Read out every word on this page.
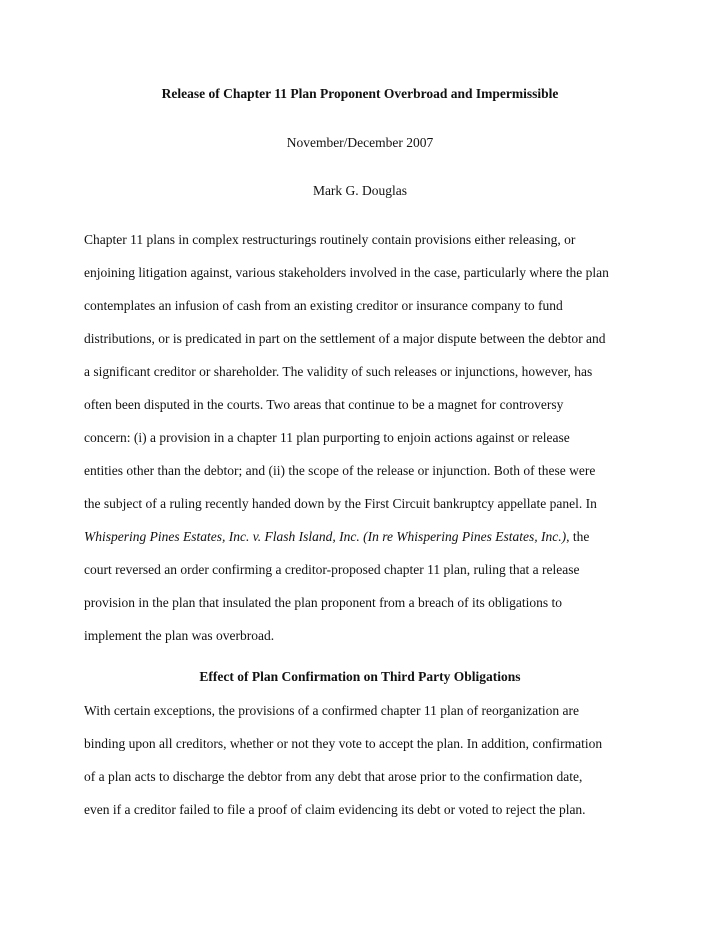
Release of Chapter 11 Plan Proponent Overbroad and Impermissible
November/December 2007
Mark G. Douglas
Chapter 11 plans in complex restructurings routinely contain provisions either releasing, or
enjoining litigation against, various stakeholders involved in the case, particularly where the plan
contemplates an infusion of cash from an existing creditor or insurance company to fund
distributions, or is predicated in part on the settlement of a major dispute between the debtor and
a significant creditor or shareholder. The validity of such releases or injunctions, however, has
often been disputed in the courts. Two areas that continue to be a magnet for controversy
concern: (i) a provision in a chapter 11 plan purporting to enjoin actions against or release
entities other than the debtor; and (ii) the scope of the release or injunction. Both of these were
the subject of a ruling recently handed down by the First Circuit bankruptcy appellate panel. In
Whispering Pines Estates, Inc. v. Flash Island, Inc. (In re Whispering Pines Estates, Inc.), the
court reversed an order confirming a creditor-proposed chapter 11 plan, ruling that a release
provision in the plan that insulated the plan proponent from a breach of its obligations to
implement the plan was overbroad.
Effect of Plan Confirmation on Third Party Obligations
With certain exceptions, the provisions of a confirmed chapter 11 plan of reorganization are
binding upon all creditors, whether or not they vote to accept the plan. In addition, confirmation
of a plan acts to discharge the debtor from any debt that arose prior to the confirmation date,
even if a creditor failed to file a proof of claim evidencing its debt or voted to reject the plan.
